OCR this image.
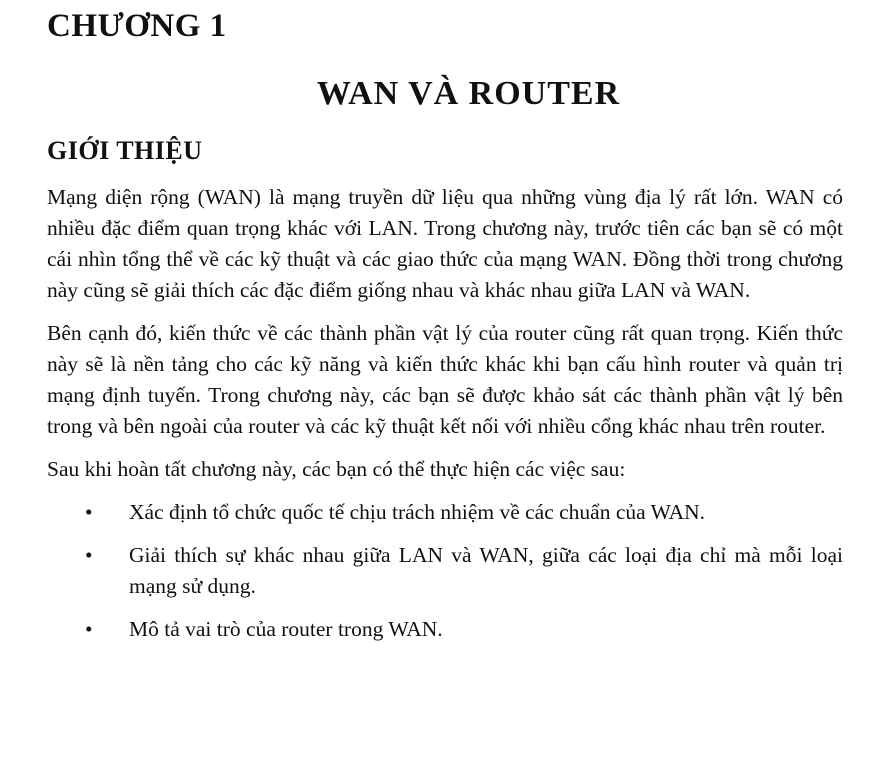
CHƯƠNG 1
WAN VÀ ROUTER
GIỚI THIỆU

Mạng diện rộng (WAN) là mạng truyền dữ liệu qua những vùng địa lý rất lớn. WAN có nhiều đặc điểm quan trọng khác với LAN. Trong chương này, trước tiên các bạn sẽ có một cái nhìn tổng thể về các kỹ thuật và các giao thức của mạng WAN. Đồng thời trong chương này cũng sẽ giải thích các đặc điểm giống nhau và khác nhau giữa LAN và WAN.

Bên cạnh đó, kiến thức về các thành phần vật lý của router cũng rất quan trọng. Kiến thức này sẽ là nền tảng cho các kỹ năng và kiến thức khác khi bạn cấu hình router và quản trị mạng định tuyến. Trong chương này, các bạn sẽ được khảo sát các thành phần vật lý bên trong và bên ngoài của router và các kỹ thuật kết nối với nhiều cổng khác nhau trên router.

Sau khi hoàn tất chương này, các bạn có thể thực hiện các việc sau:

• Xác định tổ chức quốc tế chịu trách nhiệm về các chuẩn của WAN.
• Giải thích sự khác nhau giữa LAN và WAN, giữa các loại địa chỉ mà mỗi loại mạng sử dụng.
• Mô tả vai trò của router trong WAN.
